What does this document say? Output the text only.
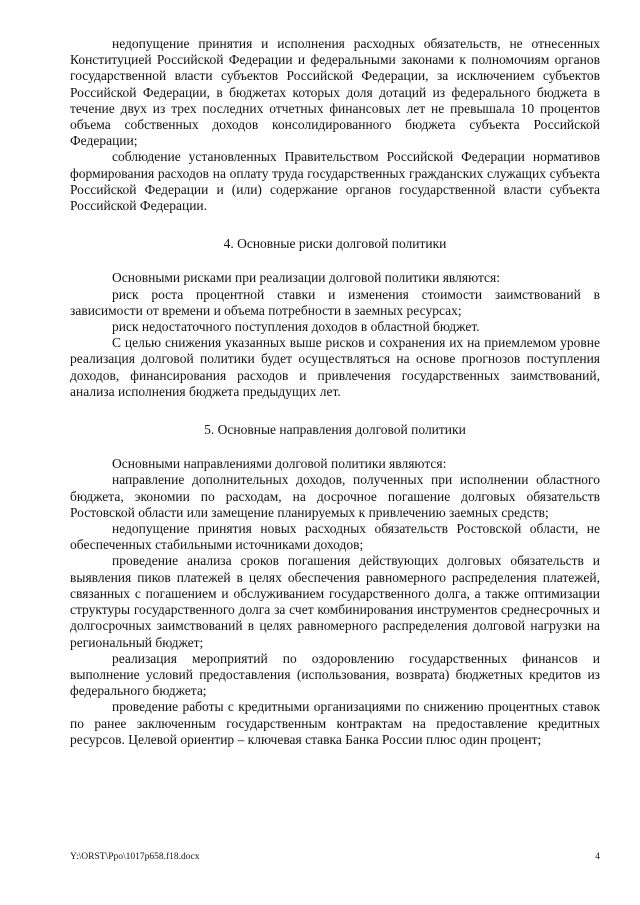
недопущение принятия и исполнения расходных обязательств, не отнесенных Конституцией Российской Федерации и федеральными законами к полномочиям органов государственной власти субъектов Российской Федерации, за исключением субъектов Российской Федерации, в бюджетах которых доля дотаций из федерального бюджета в течение двух из трех последних отчетных финансовых лет не превышала 10 процентов объема собственных доходов консолидированного бюджета субъекта Российской Федерации;

соблюдение установленных Правительством Российской Федерации нормативов формирования расходов на оплату труда государственных гражданских служащих субъекта Российской Федерации и (или) содержание органов государственной власти субъекта Российской Федерации.

4. Основные риски долговой политики

Основными рисками при реализации долговой политики являются:

риск роста процентной ставки и изменения стоимости заимствований в зависимости от времени и объема потребности в заемных ресурсах;

риск недостаточного поступления доходов в областной бюджет.

С целью снижения указанных выше рисков и сохранения их на приемлемом уровне реализация долговой политики будет осуществляться на основе прогнозов поступления доходов, финансирования расходов и привлечения государственных заимствований, анализа исполнения бюджета предыдущих лет.

5. Основные направления долговой политики

Основными направлениями долговой политики являются:

направление дополнительных доходов, полученных при исполнении областного бюджета, экономии по расходам, на досрочное погашение долговых обязательств Ростовской области или замещение планируемых к привлечению заемных средств;

недопущение принятия новых расходных обязательств Ростовской области, не обеспеченных стабильными источниками доходов;

проведение анализа сроков погашения действующих долговых обязательств и выявления пиков платежей в целях обеспечения равномерного распределения платежей, связанных с погашением и обслуживанием государственного долга, а также оптимизации структуры государственного долга за счет комбинирования инструментов среднесрочных и долгосрочных заимствований в целях равномерного распределения долговой нагрузки на региональный бюджет;

реализация мероприятий по оздоровлению государственных финансов и выполнение условий предоставления (использования, возврата) бюджетных кредитов из федерального бюджета;

проведение работы с кредитными организациями по снижению процентных ставок по ранее заключенным государственным контрактам на предоставление кредитных ресурсов. Целевой ориентир – ключевая ставка Банка России плюс один процент;

Y:\ORST\Ppo\1017p658.f18.docx	4
